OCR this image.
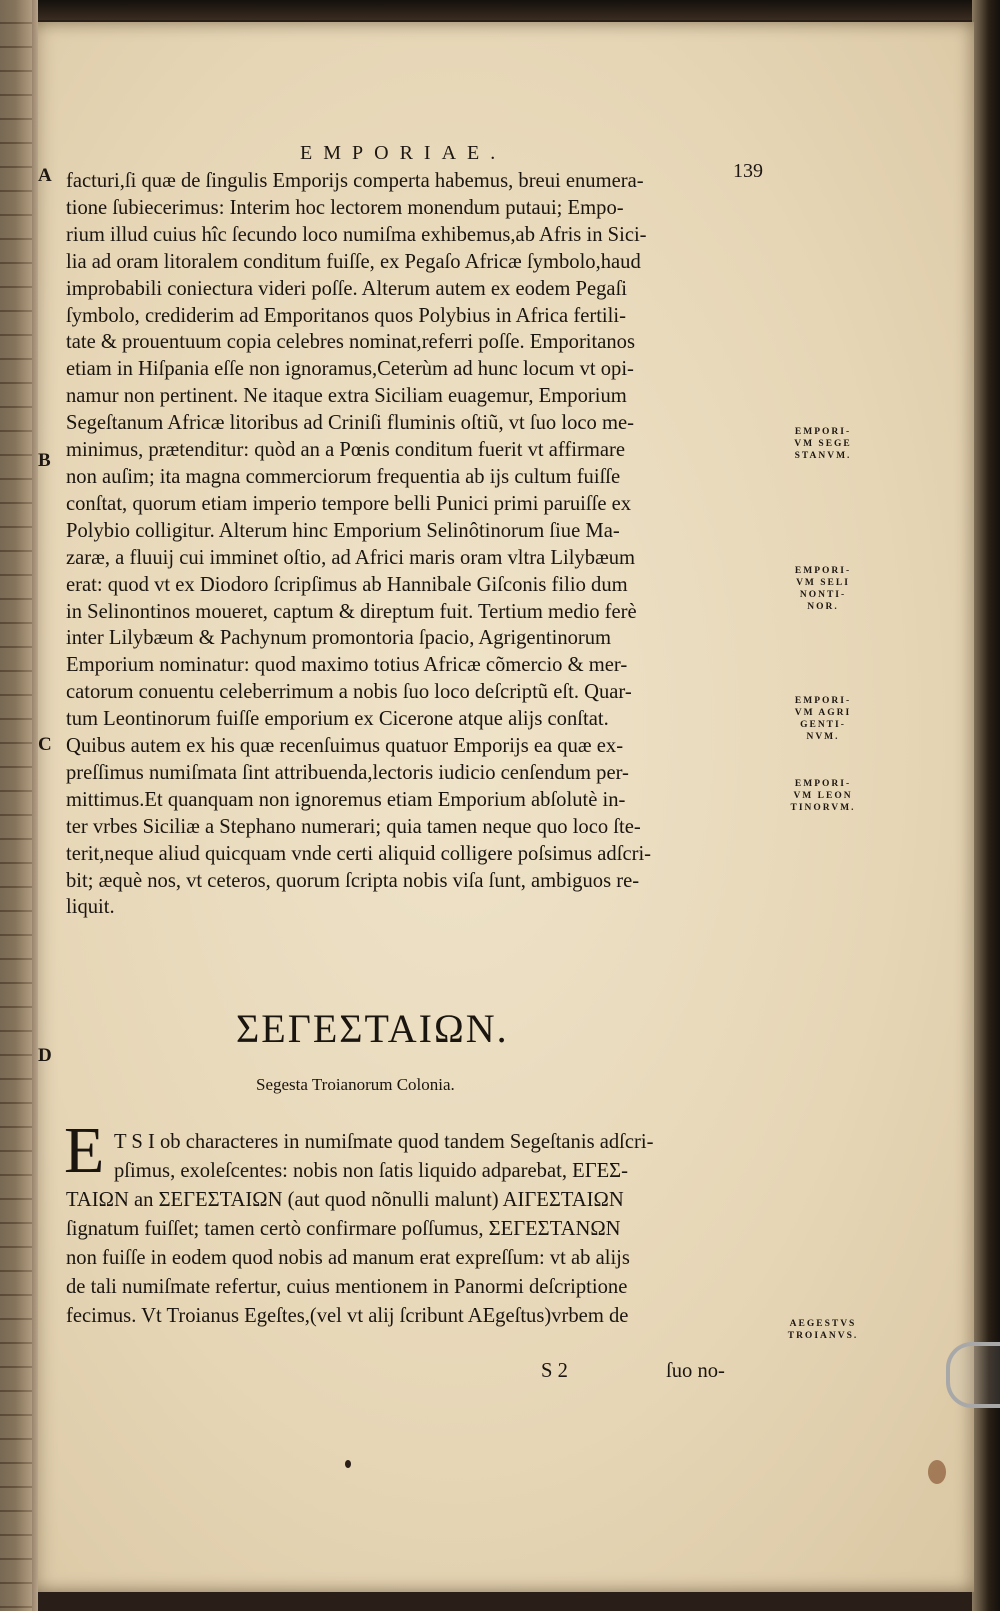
EMPORIAE.
139
A
B
C
D
facturi,ſi quæ de ſingulis Emporijs comperta habemus, breui enumera-
tione ſubiecerimus: Interim hoc lectorem monendum putaui; Empo-
rium illud cuius hîc ſecundo loco numiſma exhibemus,ab Afris in Sici-
lia ad oram litoralem conditum fuiſſe, ex Pegaſo Africæ ſymbolo,haud
improbabili coniectura videri poſſe. Alterum autem ex eodem Pegaſi
ſymbolo, crediderim ad Emporitanos quos Polybius in Africa fertili-
tate & prouentuum copia celebres nominat,referri poſſe. Emporitanos
etiam in Hiſpania eſſe non ignoramus,Ceterùm ad hunc locum vt opi-
namur non pertinent. Ne itaque extra Siciliam euagemur, Emporium
Segeſtanum Africæ litoribus ad Criniſi fluminis oſtiũ, vt ſuo loco me-
minimus, prætenditur: quòd an a Pœnis conditum fuerit vt affirmare
non auſim; ita magna commerciorum frequentia ab ijs cultum fuiſſe
conſtat, quorum etiam imperio tempore belli Punici primi paruiſſe ex
Polybio colligitur. Alterum hinc Emporium Selinôtinorum ſiue Ma-
zaræ, a fluuij cui imminet oſtio, ad Africi maris oram vltra Lilybæum
erat: quod vt ex Diodoro ſcripſimus ab Hannibale Giſconis filio dum
in Selinontinos moueret, captum & direptum fuit. Tertium medio ferè
inter Lilybæum & Pachynum promontoria ſpacio, Agrigentinorum
Emporium nominatur: quod maximo totius Africæ cõmercio & mer-
catorum conuentu celeberrimum a nobis ſuo loco deſcriptũ eſt. Quar-
tum Leontinorum fuiſſe emporium ex Cicerone atque alijs conſtat.
Quibus autem ex his quæ recenſuimus quatuor Emporijs ea quæ ex-
preſſimus numiſmata ſint attribuenda,lectoris iudicio cenſendum per-
mittimus.Et quanquam non ignoremus etiam Emporium abſolutè in-
ter vrbes Siciliæ a Stephano numerari; quia tamen neque quo loco ſte-
terit,neque aliud quicquam vnde certi aliquid colligere poſsimus adſcri-
bit; æquè nos, vt ceteros, quorum ſcripta nobis viſa ſunt, ambiguos re-
liquit.
EMPORI-
VM SEGE
STANVM.
EMPORI-
VM SELI
NONTI-
NOR.
EMPORI-
VM AGRI
GENTI-
NVM.
EMPORI-
VM LEON
TINORVM.
AEGESTVS
TROIANVS.
ΣΕΓΕΣΤΑΙΩΝ.
Segesta Troianorum Colonia.
E T S I ob characteres in numiſmate quod tandem Segeſtanis adſcri-
pſimus, exoleſcentes: nobis non ſatis liquido adparebat, ΕΓΕΣ-
ΤΑΙΩΝ an ΣΕΓΕΣΤΑΙΩΝ (aut quod nõnulli malunt) ΑΙΓΕΣΤΑΙΩΝ
ſignatum fuiſſet; tamen certò confirmare poſſumus, ΣΕΓΕΣΤΑΝΩΝ
non fuiſſe in eodem quod nobis ad manum erat expreſſum: vt ab alijs
de tali numiſmate refertur, cuius mentionem in Panormi deſcriptione
fecimus. Vt Troianus Egeſtes,(vel vt alij ſcribunt AEgeſtus)vrbem de
S 2	ſuo no-
